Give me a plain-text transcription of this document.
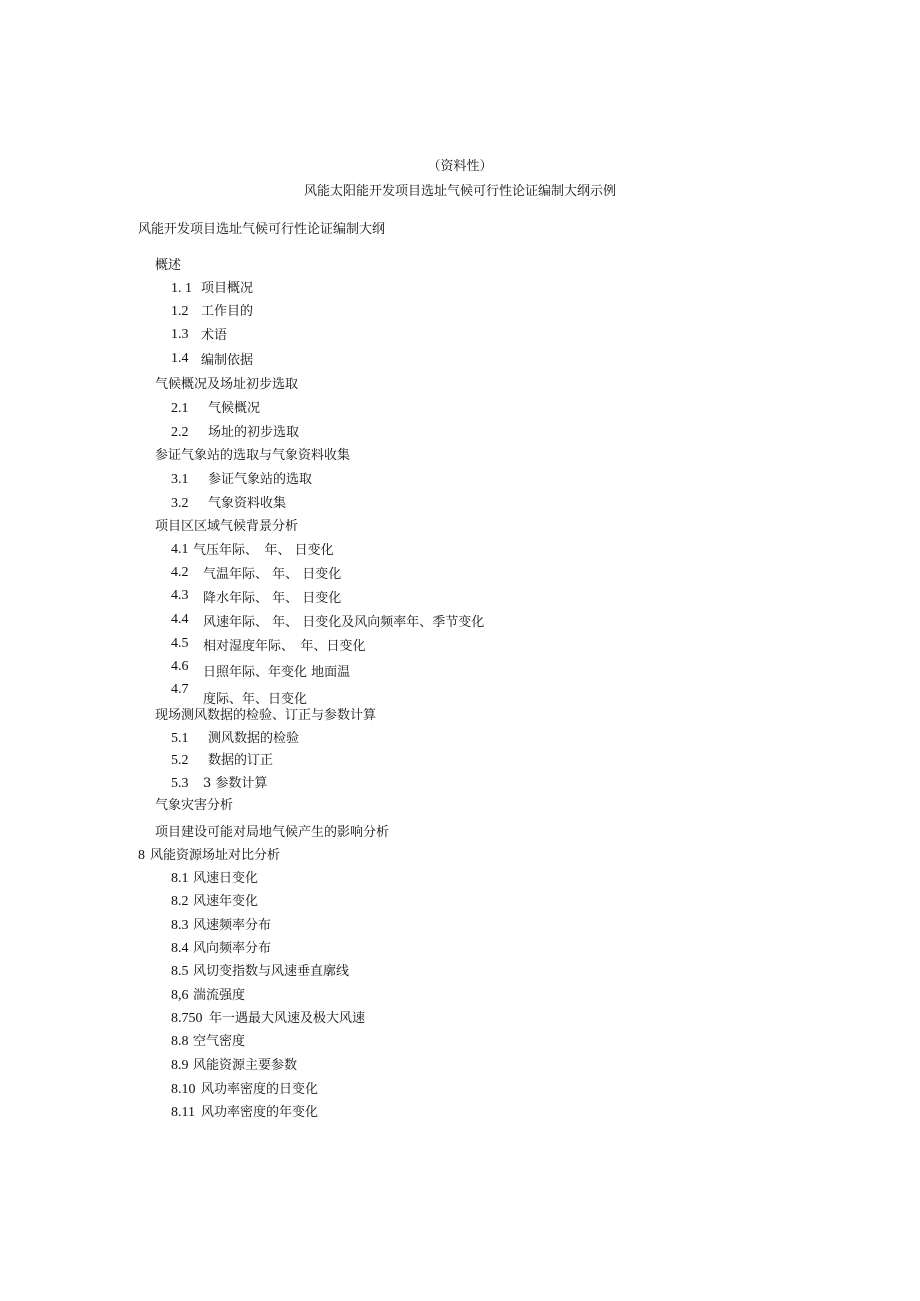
（资料性）
风能太阳能开发项目选址气候可行性论证编制大纲示例
风能开发项目选址气候可行性论证编制大纲
概述
1. 1 项目概况
1.2 工作目的
1.3 术语
1.4 编制依据
气候概况及场址初步选取
2.1 气候概况
2.2 场址的初步选取
参证气象站的选取与气象资料收集
3.1 参证气象站的选取
3.2 气象资料收集
项目区区域气候背景分析
4.1 气压年际、　年、 日变化
4.2 气温年际、 年、 日变化
4.3 降水年际、 年、 日变化
4.4 风速年际、 年、 日变化及风向频率年、季节变化
4.5 相对湿度年际、　年、日变化
4.6 日照年际、年变化 地面温
4.7
度际、年、日变化
现场测风数据的检验、订正与参数计算
5.1 测风数据的检验
5.2 数据的订正
5.3 3 参数计算
气象灾害分析
项目建设可能对局地气候产生的影响分析
8 风能资源场址对比分析
8.1 风速日变化
8.2 风速年变化
8.3 风速频率分布
8.4 风向频率分布
8.5 风切变指数与风速垂直廓线
8,6 湍流强度
8.750 年一遇最大风速及极大风速
8.8 空气密度
8.9 风能资源主要参数
8.10 风功率密度的日变化
8.11 风功率密度的年变化
